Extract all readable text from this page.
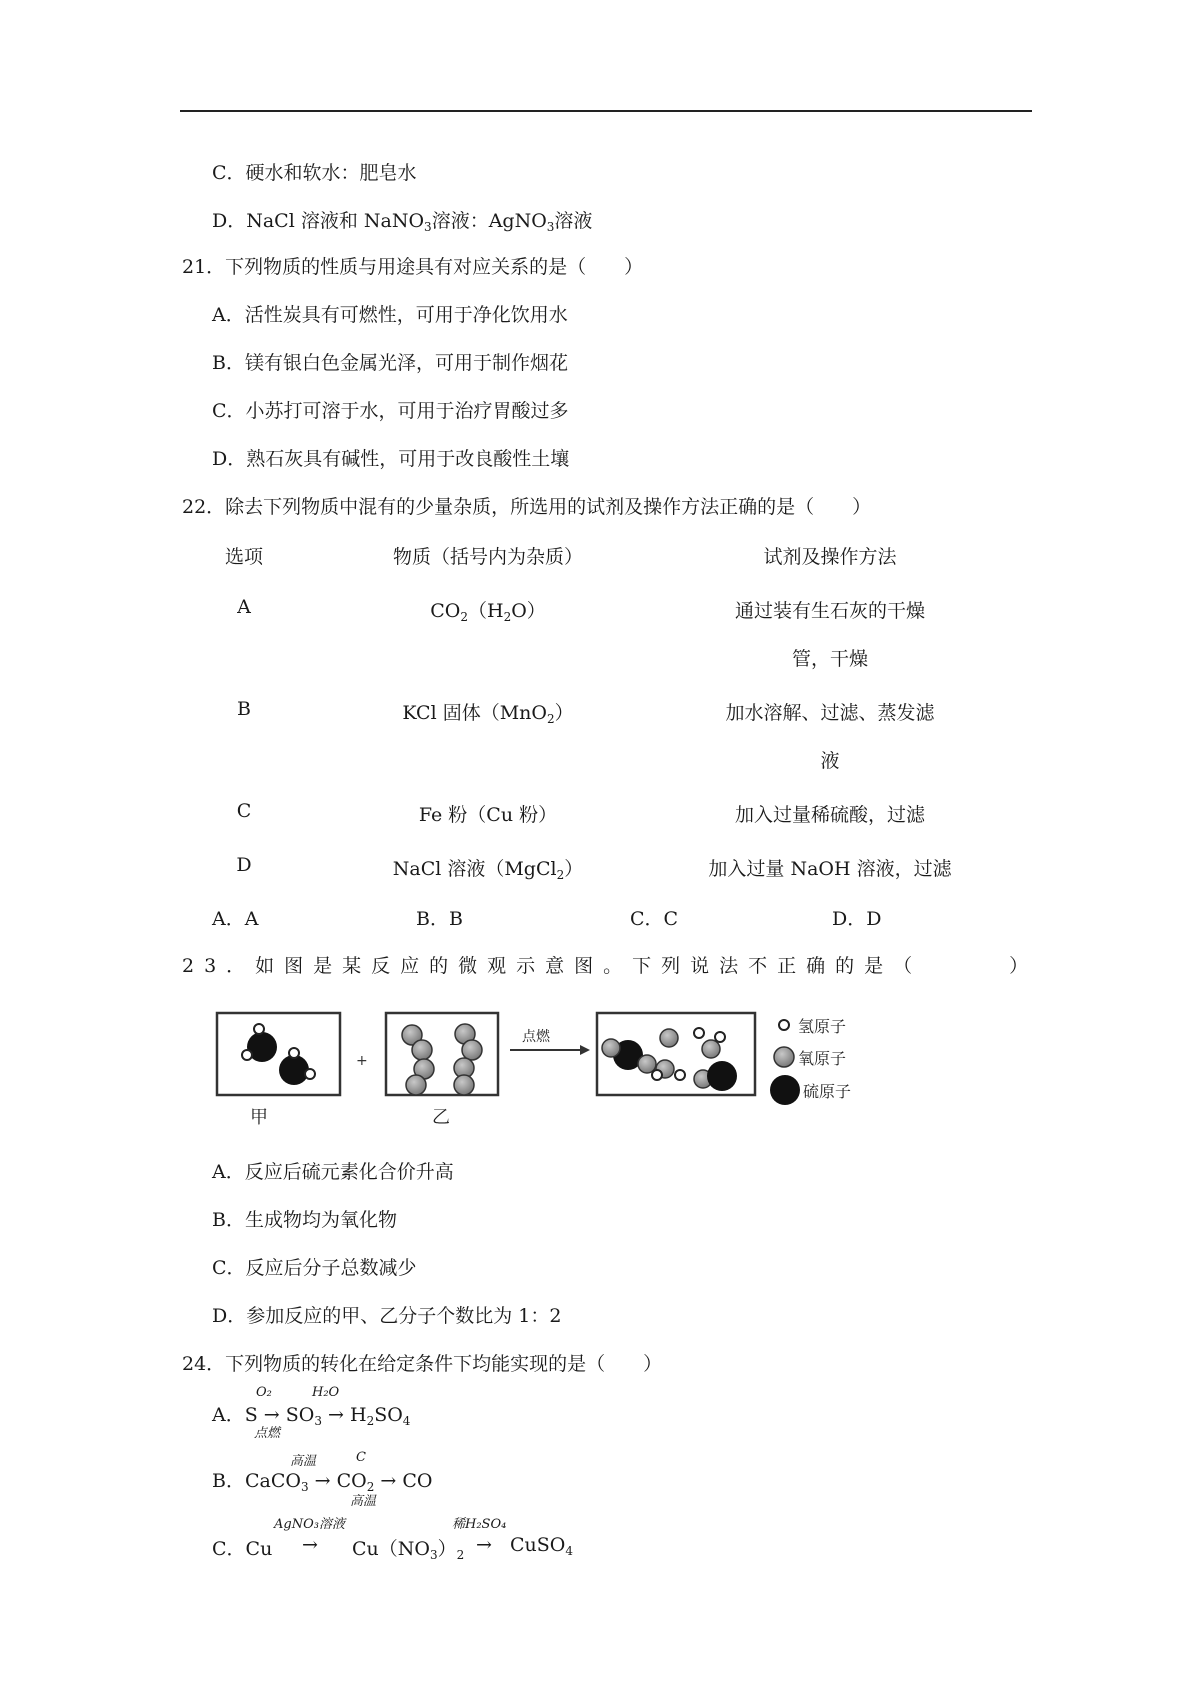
C．硬水和软水：肥皂水
D．NaCl 溶液和 NaNO$_3$溶液：AgNO$_3$溶液
21．下列物质的性质与用途具有对应关系的是（　　）
A．活性炭具有可燃性，可用于净化饮用水
B．镁有银白色金属光泽，可用于制作烟花
C．小苏打可溶于水，可用于治疗胃酸过多
D．熟石灰具有碱性，可用于改良酸性土壤
22．除去下列物质中混有的少量杂质，所选用的试剂及操作方法正确的是（　　）
选项	物质（括号内为杂质）	试剂及操作方法
A	$CO_2(H_2O)$	通过装有生石灰的干燥
管，干燥
B	KCl 固体（MnO$_2$）	加水溶解、过滤、蒸发滤
液
C	Fe 粉（Cu 粉）	加入过量稀硫酸，过滤
D	NaCl 溶液（MgCl$_2$）	加入过量 NaOH 溶液，过滤
A．A	B．B	C．C	D．D
23．如图是某反应的微观示意图。下列说法不正确的是（　　　）
甲
+
乙
点燃
氢原子
氧原子
硫原子
A．反应后硫元素化合价升高
B．生成物均为氧化物
C．反应后分子总数减少
D．参加反应的甲、乙分子个数比为 1：2
24．下列物质的转化在给定条件下均能实现的是（　　）
A．$S \to SO_3 \to H_2SO_4$
O₂
点燃
H₂O
B．CaCO$_3$ → $CO_2$ → CO
高温	C
高温
C．$Cu \to Cu(NO_3)_2$ → CuSO$_4$
AgNO₃溶液	稀H₂SO₄
